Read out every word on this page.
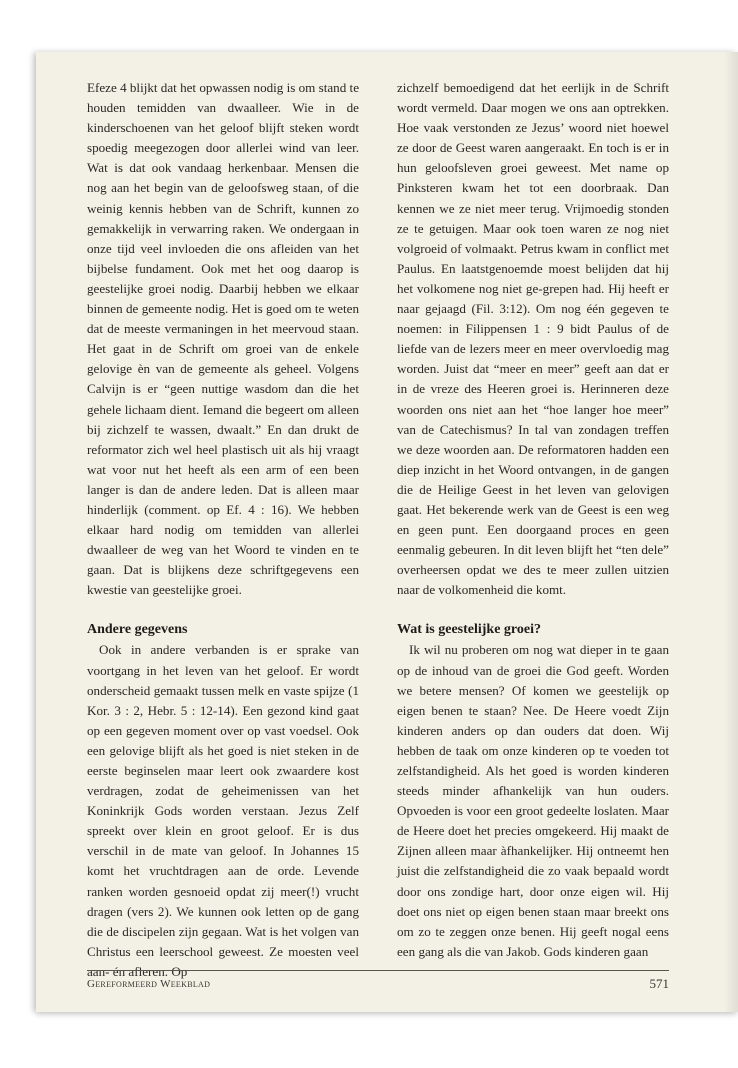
Efeze 4 blijkt dat het opwassen nodig is om stand te houden temidden van dwaalleer. Wie in de kinderschoenen van het geloof blijft steken wordt spoedig meegezogen door allerlei wind van leer. Wat is dat ook vandaag herkenbaar. Mensen die nog aan het begin van de geloofsweg staan, of die weinig kennis hebben van de Schrift, kunnen zo gemakkelijk in verwarring raken. We ondergaan in onze tijd veel invloeden die ons afleiden van het bijbelse fundament. Ook met het oog daarop is geestelijke groei nodig. Daarbij hebben we elkaar binnen de gemeente nodig. Het is goed om te weten dat de meeste vermaningen in het meervoud staan. Het gaat in de Schrift om groei van de enkele gelovige èn van de gemeente als geheel. Volgens Calvijn is er “geen nuttige wasdom dan die het gehele lichaam dient. Iemand die begeert om alleen bij zichzelf te wassen, dwaalt.” En dan drukt de reformator zich wel heel plastisch uit als hij vraagt wat voor nut het heeft als een arm of een been langer is dan de andere leden. Dat is alleen maar hinderlijk (comment. op Ef. 4 : 16). We hebben elkaar hard nodig om temidden van allerlei dwaalleer de weg van het Woord te vinden en te gaan. Dat is blijkens deze schriftgegevens een kwestie van geestelijke groei.

Andere gegevens

Ook in andere verbanden is er sprake van voortgang in het leven van het geloof. Er wordt onderscheid gemaakt tussen melk en vaste spijze (1 Kor. 3 : 2, Hebr. 5 : 12-14). Een gezond kind gaat op een gegeven moment over op vast voedsel. Ook een gelovige blijft als het goed is niet steken in de eerste beginselen maar leert ook zwaardere kost verdragen, zodat de geheimenissen van het Koninkrijk Gods worden verstaan. Jezus Zelf spreekt over klein en groot geloof. Er is dus verschil in de mate van geloof. In Johannes 15 komt het vruchtdragen aan de orde. Levende ranken worden gesnoeid opdat zij meer(!) vrucht dragen (vers 2). We kunnen ook letten op de gang die de discipelen zijn gegaan. Wat is het volgen van Christus een leerschool geweest. Ze moesten veel aan- én afleren. Op

zichzelf bemoedigend dat het eerlijk in de Schrift wordt vermeld. Daar mogen we ons aan optrekken. Hoe vaak verstonden ze Jezus’ woord niet hoewel ze door de Geest waren aangeraakt. En toch is er in hun geloofsleven groei geweest. Met name op Pinksteren kwam het tot een doorbraak. Dan kennen we ze niet meer terug. Vrijmoedig stonden ze te getuigen. Maar ook toen waren ze nog niet volgroeid of volmaakt. Petrus kwam in conflict met Paulus. En laatstgenoemde moest belijden dat hij het volkomene nog niet ge-grepen had. Hij heeft er naar gejaagd (Fil. 3:12). Om nog één gegeven te noemen: in Filippensen 1 : 9 bidt Paulus of de liefde van de lezers meer en meer overvloedig mag worden. Juist dat “meer en meer” geeft aan dat er in de vreze des Heeren groei is. Herinneren deze woorden ons niet aan het “hoe langer hoe meer” van de Catechismus? In tal van zondagen treffen we deze woorden aan. De reformatoren hadden een diep inzicht in het Woord ontvangen, in de gangen die de Heilige Geest in het leven van gelovigen gaat. Het bekerende werk van de Geest is een weg en geen punt. Een doorgaand proces en geen eenmalig gebeuren. In dit leven blijft het “ten dele” overheersen opdat we des te meer zullen uitzien naar de volkomenheid die komt.

Wat is geestelijke groei?

Ik wil nu proberen om nog wat dieper in te gaan op de inhoud van de groei die God geeft. Worden we betere mensen? Of komen we geestelijk op eigen benen te staan? Nee. De Heere voedt Zijn kinderen anders op dan ouders dat doen. Wij hebben de taak om onze kinderen op te voeden tot zelfstandigheid. Als het goed is worden kinderen steeds minder afhankelijk van hun ouders. Opvoeden is voor een groot gedeelte loslaten. Maar de Heere doet het precies omgekeerd. Hij maakt de Zijnen alleen maar àfhankelijker. Hij ontneemt hen juist die zelfstandigheid die zo vaak bepaald wordt door ons zondige hart, door onze eigen wil. Hij doet ons niet op eigen benen staan maar breekt ons om zo te zeggen onze benen. Hij geeft nogal eens een gang als die van Jakob. Gods kinderen gaan

Gereformeerd Weekblad	571
